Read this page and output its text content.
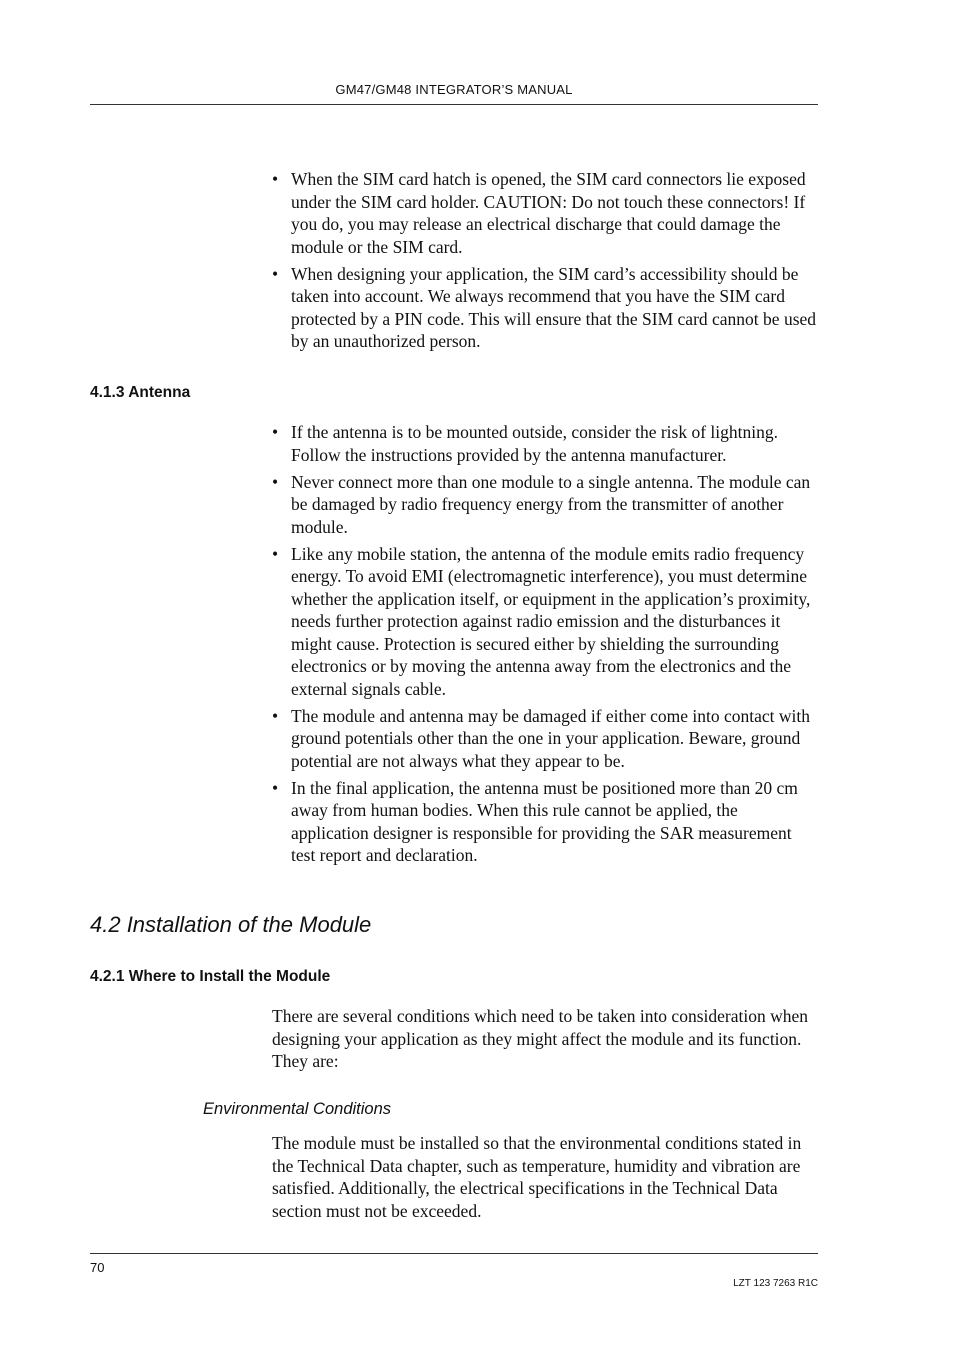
GM47/GM48 INTEGRATOR’S MANUAL
• When the SIM card hatch is opened, the SIM card connectors lie exposed under the SIM card holder. CAUTION: Do not touch these connectors! If you do, you may release an electrical discharge that could damage the module or the SIM card.
• When designing your application, the SIM card’s accessibility should be taken into account. We always recommend that you have the SIM card protected by a PIN code. This will ensure that the SIM card cannot be used by an unauthorized person.
4.1.3 Antenna
• If the antenna is to be mounted outside, consider the risk of lightning. Follow the instructions provided by the antenna manufacturer.
• Never connect more than one module to a single antenna. The module can be damaged by radio frequency energy from the transmitter of another module.
• Like any mobile station, the antenna of the module emits radio frequency energy. To avoid EMI (electromagnetic interference), you must determine whether the application itself, or equipment in the application’s proximity, needs further protection against radio emission and the disturbances it might cause. Protection is secured either by shielding the surrounding electronics or by moving the antenna away from the electronics and the external signals cable.
• The module and antenna may be damaged if either come into contact with ground potentials other than the one in your application. Beware, ground potential are not always what they appear to be.
• In the final application, the antenna must be positioned more than 20 cm away from human bodies. When this rule cannot be applied, the application designer is responsible for providing the SAR measurement test report and declaration.
4.2 Installation of the Module
4.2.1 Where to Install the Module

There are several conditions which need to be taken into consideration when designing your application as they might affect the module and its function. They are:

Environmental Conditions

The module must be installed so that the environmental conditions stated in the Technical Data chapter, such as temperature, humidity and vibration are satisfied. Additionally, the electrical specifications in the Technical Data section must not be exceeded.

70
LZT 123 7263 R1C
